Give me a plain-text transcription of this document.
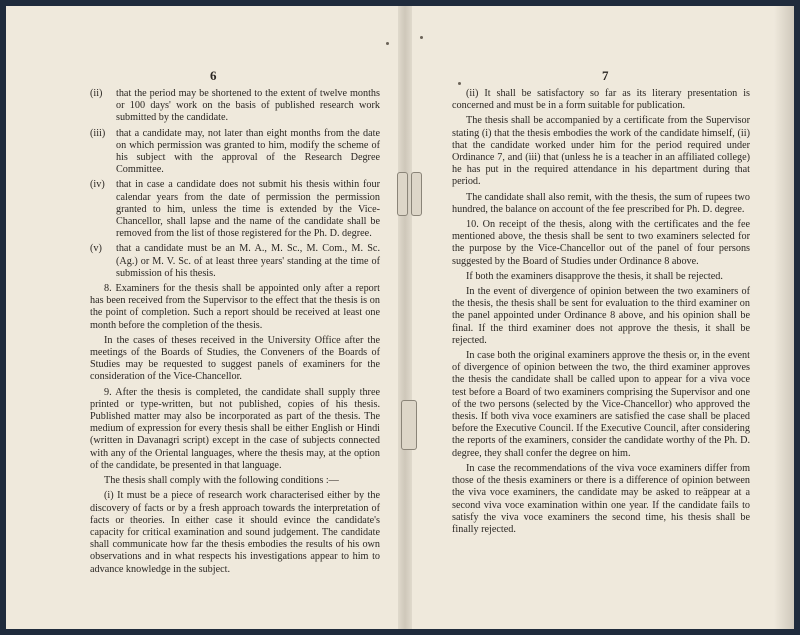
6
(ii)	that the period may be shortened to the extent of twelve months or 100 days' work on the basis of published research work submitted by the candidate.
(iii)	that a candidate may, not later than eight months from the date on which permission was granted to him, modify the scheme of his subject with the approval of the Research Degree Committee.
(iv)	that in case a candidate does not submit his thesis within four calendar years from the date of permission the permission granted to him, unless the time is extended by the Vice-Chancellor, shall lapse and the name of the candidate shall be removed from the list of those registered for the Ph. D. degree.
(v)	that a candidate must be an M. A., M. Sc., M. Com., M. Sc. (Ag.) or M. V. Sc. of at least three years' standing at the time of submission of his thesis.

8. Examiners for the thesis shall be appointed only after a report has been received from the Supervisor to the effect that the thesis is on the point of completion. Such a report should be received at least one month before the completion of the thesis.

In the cases of theses received in the University Office after the meetings of the Boards of Studies, the Conveners of the Boards of Studies may be requested to suggest panels of examiners for the consideration of the Vice-Chancellor.

9. After the thesis is completed, the candidate shall supply three printed or type-written, but not published, copies of his thesis. Published matter may also be incorporated as part of the thesis. The medium of expression for every thesis shall be either English or Hindi (written in Davanagri script) except in the case of subjects connected with any of the Oriental languages, where the thesis may, at the option of the candidate, be presented in that language.

The thesis shall comply with the following conditions :—

(i) It must be a piece of research work characterised either by the discovery of facts or by a fresh approach towards the interpretation of facts or theories. In either case it should evince the candidate's capacity for critical examination and sound judgement. The candidate shall communicate how far the thesis embodies the results of his own observations and in what respects his investigations appear to him to advance knowledge in the subject.

7

(ii) It shall be satisfactory so far as its literary presentation is concerned and must be in a form suitable for publication.

The thesis shall be accompanied by a certificate from the Supervisor stating (i) that the thesis embodies the work of the candidate himself, (ii) that the candidate worked under him for the period required under Ordinance 7, and (iii) that (unless he is a teacher in an affiliated college) he has put in the required attendance in his department during that period.

The candidate shall also remit, with the thesis, the sum of rupees two hundred, the balance on account of the fee prescribed for Ph. D. degree.

10. On receipt of the thesis, along with the certificates and the fee mentioned above, the thesis shall be sent to two examiners selected for the purpose by the Vice-Chancellor out of the panel of four persons suggested by the Board of Studies under Ordinance 8 above.

If both the examiners disapprove the thesis, it shall be rejected.

In the event of divergence of opinion between the two examiners of the thesis, the thesis shall be sent for evaluation to the third examiner on the panel appointed under Ordinance 8 above, and his opinion shall be final. If the third examiner does not approve the thesis, it shall be rejected.

In case both the original examiners approve the thesis or, in the event of divergence of opinion between the two, the third examiner approves the thesis the candidate shall be called upon to appear for a viva voce test before a Board of two examiners comprising the Supervisor and one of the two persons (selected by the Vice-Chancellor) who approved the thesis. If both viva voce examiners are satisfied the case shall be placed before the Executive Council. If the Executive Council, after considering the reports of the examiners, consider the candidate worthy of the Ph. D. degree, they shall confer the degree on him.

In case the recommendations of the viva voce examiners differ from those of the thesis examiners or there is a difference of opinion between the viva voce examiners, the candidate may be asked to reäppear at a second viva voce examination within one year. If the candidate fails to satisfy the viva voce examiners the second time, his thesis shall be finally rejected.
